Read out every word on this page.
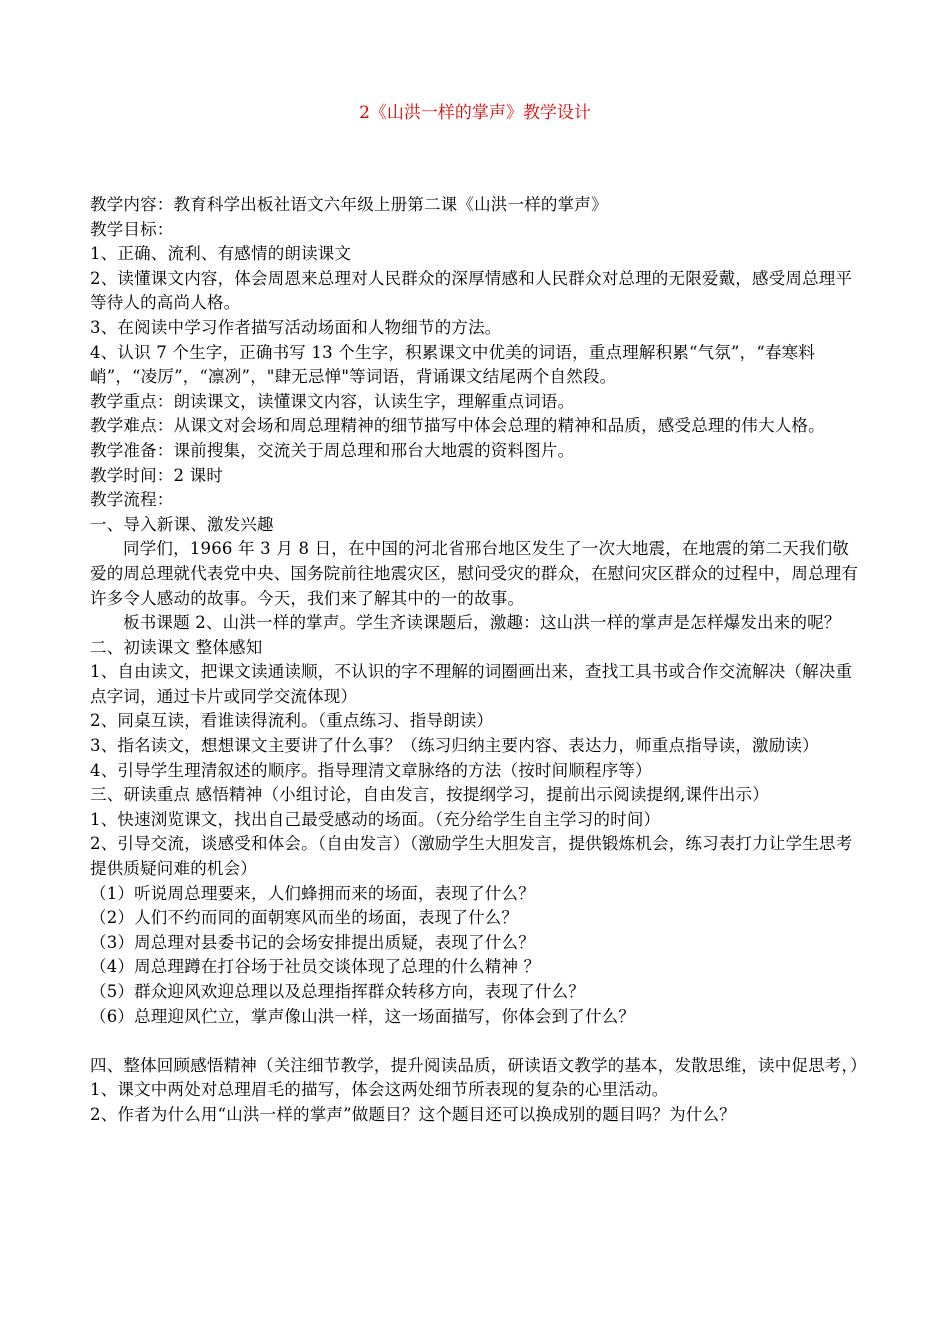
2《山洪一样的掌声》教学设计

教学内容：教育科学出板社语文六年级上册第二课《山洪一样的掌声》

教学目标：

1、正确、流利、有感情的朗读课文

2、读懂课文内容，体会周恩来总理对人民群众的深厚情感和人民群众对总理的无限爱戴，感受周总理平等待人的高尚人格。

3、在阅读中学习作者描写活动场面和人物细节的方法。

4、认识 7 个生字，正确书写 13 个生字，积累课文中优美的词语，重点理解积累“气氛”，“春寒料峭”，“凌厉”，“凛冽”，"肆无忌惮"等词语，背诵课文结尾两个自然段。

教学重点：朗读课文，读懂课文内容，认读生字，理解重点词语。

教学难点：从课文对会场和周总理精神的细节描写中体会总理的精神和品质，感受总理的伟大人格。

教学准备：课前搜集，交流关于周总理和邢台大地震的资料图片。

教学时间：2 课时

教学流程：

一、导入新课、激发兴趣

同学们，1966 年 3 月 8 日，在中国的河北省邢台地区发生了一次大地震，在地震的第二天我们敬爱的周总理就代表党中央、国务院前往地震灾区，慰问受灾的群众，在慰问灾区群众的过程中，周总理有许多令人感动的故事。今天，我们来了解其中的一的故事。

板书课题 2、山洪一样的掌声。学生齐读课题后，激趣：这山洪一样的掌声是怎样爆发出来的呢？

二、初读课文 整体感知

1、自由读文，把课文读通读顺，不认识的字不理解的词圈画出来，查找工具书或合作交流解决（解决重点字词，通过卡片或同学交流体现）

2、同桌互读，看谁读得流利。（重点练习、指导朗读）

3、指名读文，想想课文主要讲了什么事？（练习归纳主要内容、表达力，师重点指导读，激励读）

4、引导学生理清叙述的顺序。指导理清文章脉络的方法（按时间顺程序等）

三、研读重点 感悟精神（小组讨论，自由发言，按提纲学习，提前出示阅读提纲,课件出示）

1、快速浏览课文，找出自己最受感动的场面。（充分给学生自主学习的时间）

2、引导交流，谈感受和体会。（自由发言）（激励学生大胆发言，提供锻炼机会，练习表打力让学生思考提供质疑问难的机会）

（1）听说周总理要来，人们蜂拥而来的场面，表现了什么？

（2）人们不约而同的面朝寒风而坐的场面，表现了什么？

（3）周总理对县委书记的会场安排提出质疑，表现了什么？

（4）周总理蹲在打谷场于社员交谈体现了总理的什么精神 ？

（5）群众迎风欢迎总理以及总理指挥群众转移方向，表现了什么？

（6）总理迎风伫立，掌声像山洪一样，这一场面描写，你体会到了什么？

四、整体回顾感悟精神（关注细节教学，提升阅读品质，研读语文教学的基本，发散思维，读中促思考，）

1、课文中两处对总理眉毛的描写，体会这两处细节所表现的复杂的心里活动。

2、作者为什么用“山洪一样的掌声”做题目？这个题目还可以换成别的题目吗？为什么？
